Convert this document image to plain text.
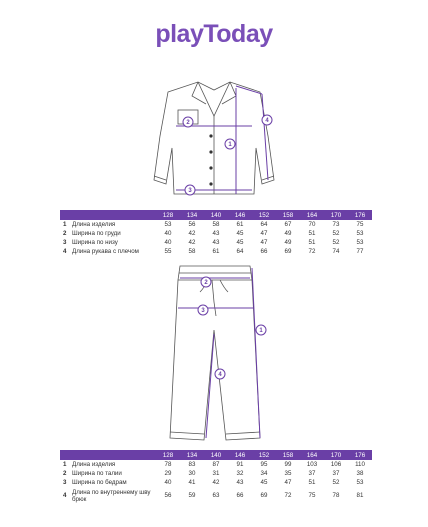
playToday
1
2
3
4
		128	134	140	146	152	158	164	170	176
1	Длина изделия	53	56	58	61	64	67	70	73	75
2	Ширина по груди	40	42	43	45	47	49	51	52	53
3	Ширина по низу	40	42	43	45	47	49	51	52	53
4	Длина рукава с плечом	55	58	61	64	66	69	72	74	77
1
2
3
4
		128	134	140	146	152	158	164	170	176
1	Длина изделия	78	83	87	91	95	99	103	106	110
2	Ширина по талии	29	30	31	32	34	35	37	37	38
3	Ширина по бедрам	40	41	42	43	45	47	51	52	53
4	Длина по внутреннему шву брюк	56	59	63	66	69	72	75	78	81
